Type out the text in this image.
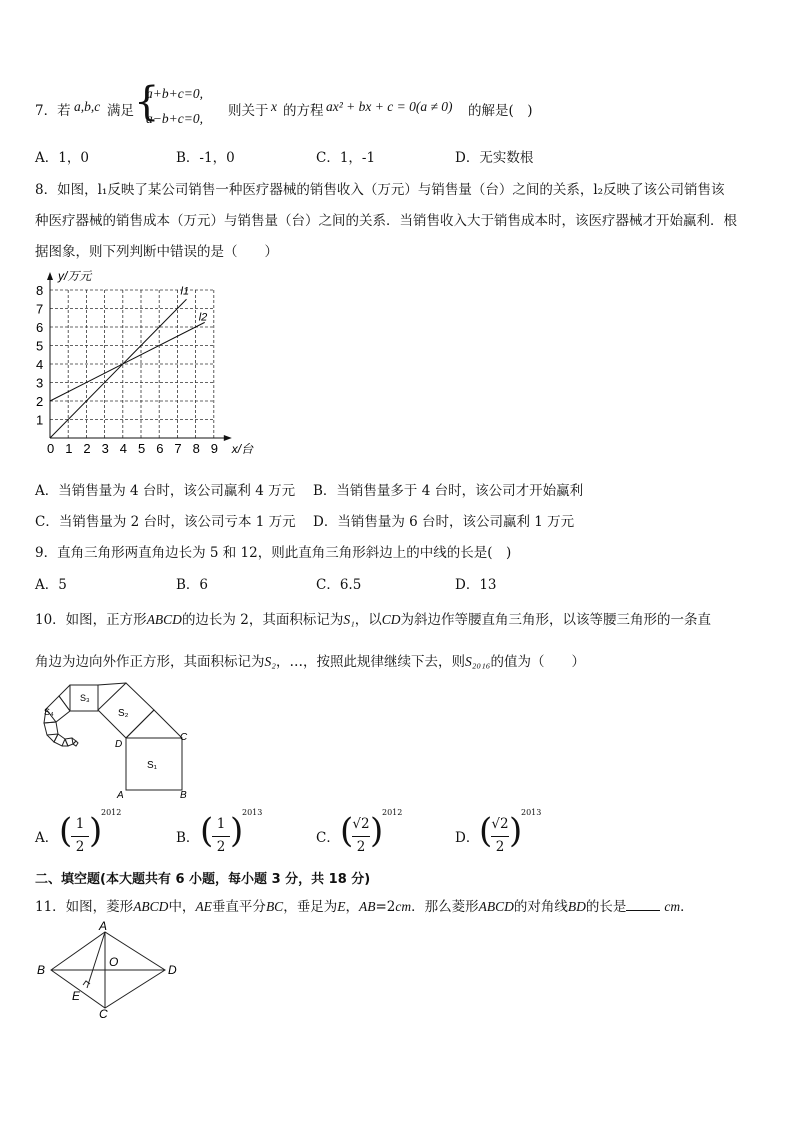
7．若 a,b,c 满足 {
a+b+c=0,
a−b+c=0, 则关于 x 的方程 ax² + bx + c = 0(a ≠ 0) 的解是(　)
A．1，0	B．-1，0	C．1，-1	D．无实数根
8．如图，l₁反映了某公司销售一种医疗器械的销售收入（万元）与销售量（台）之间的关系，l₂反映了该公司销售该
种医疗器械的销售成本（万元）与销售量（台）之间的关系．当销售收入大于销售成本时，该医疗器械才开始赢利．根
据图象，则下列判断中错误的是（　　）
0 1 2 3 4 5 6 7 8 9
1
2
3
4
5
6
7
8
y/万元
x/台
l1
l2
A．当销售量为 4 台时，该公司赢利 4 万元 B．当销售量多于 4 台时，该公司才开始赢利
C．当销售量为 2 台时，该公司亏本 1 万元 D．当销售量为 6 台时，该公司赢利 1 万元
9．直角三角形两直角边长为 5 和 12，则此直角三角形斜边上的中线的长是(　)
A．5	B．6	C．6.5	D．13
10．如图，正方形ABCD的边长为 2，其面积标记为S₁，以CD为斜边作等腰直角三角形，以该等腰三角形的一条直
角边为边向外作正方形，其面积标记为S₂，…，按照此规律继续下去，则S₂₀₁₆的值为（　　）
S₁
S₂
S₃
S₄
A	B
C
D
A． ( 1
2 )
2012
B． ( 1
2 )
2013
C． ( √2
2 )
2012
D． ( √2
2 )
2013
二、填空题(本大题共有 6 小题，每小题 3 分，共 18 分)
11．如图，菱形ABCD中，AE垂直平分BC，垂足为E，AB=2cm．那么菱形ABCD的对角线BD的长是	cm．
A
B
C
D
E
O
